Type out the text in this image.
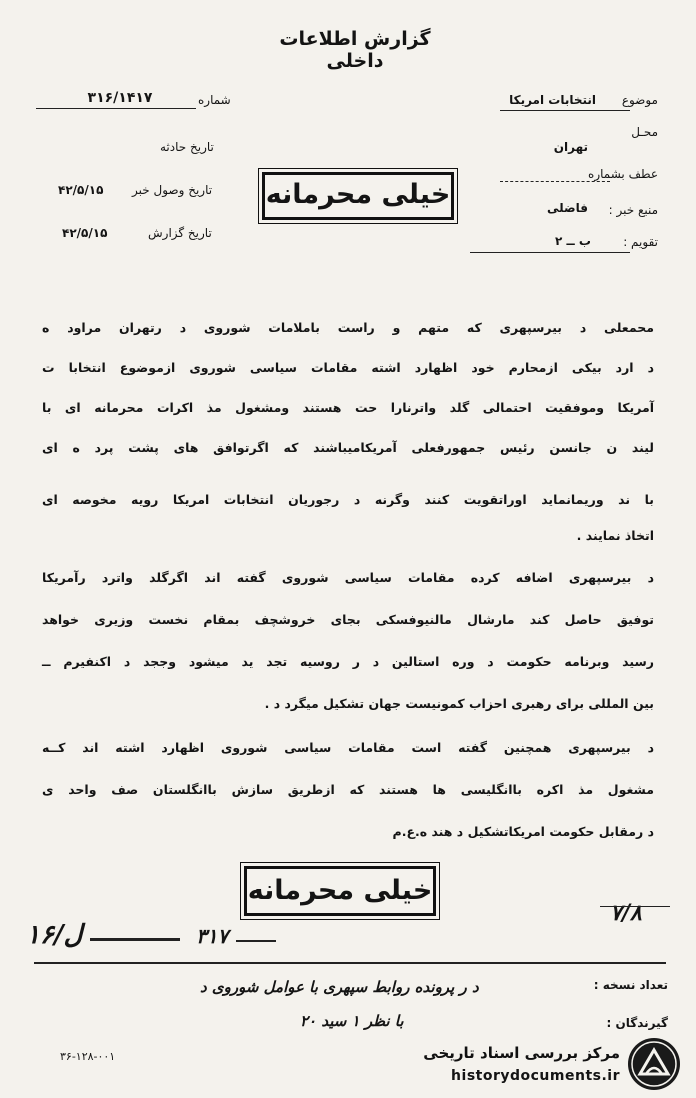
گزارش اطلاعات داخلی
موضوع
انتخابات امریکا
محـل
تهران
عطف بشماره
منبع خبر :
فاضلی
تقویم :
ب ــ ۲
شماره
۳۱۶/۱۴۱۷
تاریخ حادثه
تاریخ وصول خبر
۴۲/۵/۱۵
تاریخ گزارش
۴۲/۵/۱۵
خیلی محرمانه
محمعلی د بیرسپهری که متهم و راست باملامات شوروی د رتهران مراود ه
د ارد بیکی ازمحارم خود اظهارد اشته مقامات سیاسی شوروی ازموضوع انتخابا ت
آمریکا وموفقیت احتمالی گلد واترنارا حت هستند ومشغول مذ اکرات محرمانه ای با
لیند ن جانسن رئیس جمهورفعلی آمریکامیباشند که اگرتوافق های پشت پرد ه ای
با ند وریمانماید اوراتقویت کنند وگرنه د رجوریان انتخابات امریکا رویه مخوصه ای
اتخاذ نمایند .
د بیرسپهری اضافه کرده مقامات سیاسی شوروی گفته اند اگرگلد واترد رآمریکا
توفیق حاصل کند مارشال مالنیوفسکی بجای خروشچف بمقام نخست وزیری خواهد
رسید وبرنامه حکومت د وره استالین د ر روسیه تجد ید میشود وججد د اکنفیرم ــ
بین المللی برای رهبری احزاب کمونیست جهان تشکیل میگرد د .
د بیرسپهری همچنین گفته است مقامات سیاسی شوروی اظهارد اشته اند کــه
مشغول مذ اکره باانگلیسی ها هستند که ازطریق سازش باانگلستان صف واحد ی
د رمقابل حکومت امریکاتشکیل د هند ه.ع.م
خیلی محرمانه
۱۶/ل	۳۱۷
۷/۸
تعداد نسخه :
گیرندگان :
د ر پرونده روابط سپهری با عوامل شوروی د
با نظر ۱ سید ۲۰
۳۶-۱۲۸-۰۰۱	مرکز بررسی اسناد تاریخی
historydocuments.ir
